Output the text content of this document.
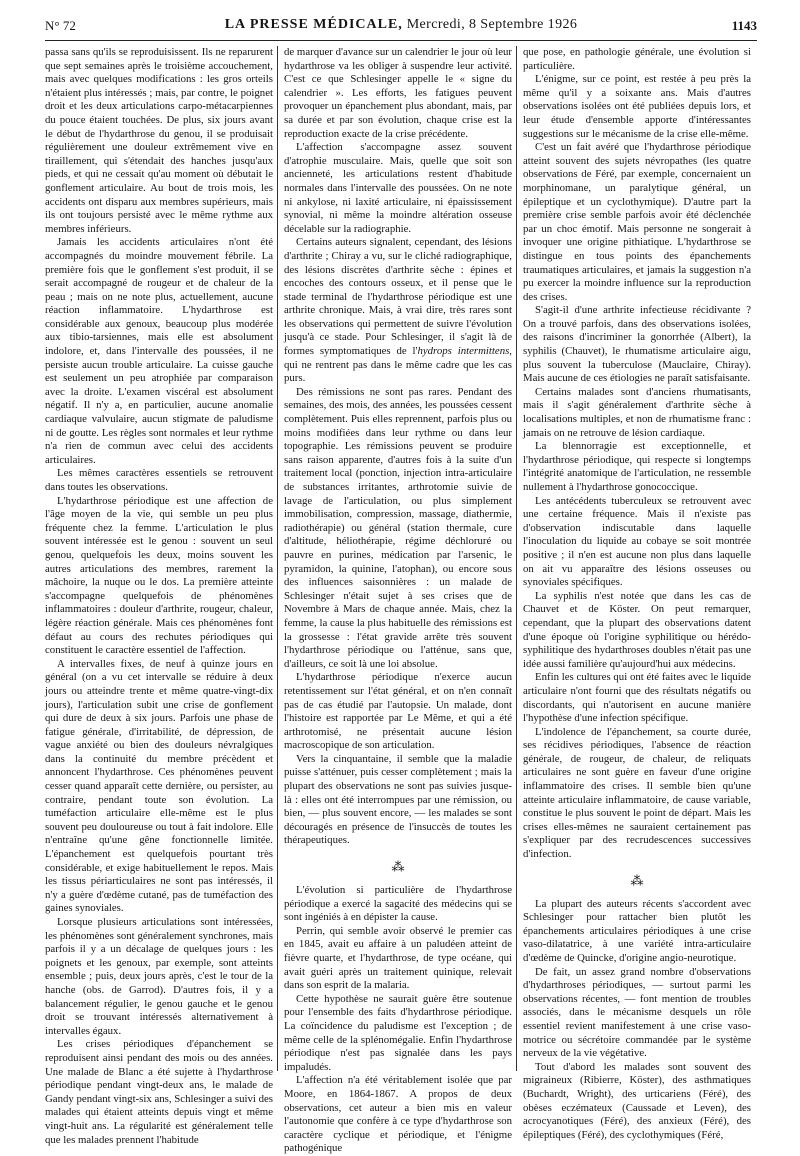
N° 72	LA PRESSE MÉDICALE, Mercredi, 8 Septembre 1926	1143

passa sans qu'ils se reproduisissent. Ils ne reparurent que sept semaines après le troisième accouchement, mais avec quelques modifications : les gros orteils n'étaient plus intéressés ; mais, par contre, le poignet droit et les deux articulations carpo-métacarpiennes du pouce étaient touchées. De plus, six jours avant le début de l'hydarthrose du genou, il se produisait régulièrement une douleur extrêmement vive en tiraillement, qui s'étendait des hanches jusqu'aux pieds, et qui ne cessait qu'au moment où débutait le gonflement articulaire. Au bout de trois mois, les accidents ont disparu aux membres supérieurs, mais ils ont toujours persisté avec le même rythme aux membres inférieurs.

Jamais les accidents articulaires n'ont été accompagnés du moindre mouvement fébrile. La première fois que le gonflement s'est produit, il se serait accompagné de rougeur et de chaleur de la peau ; mais on ne note plus, actuellement, aucune réaction inflammatoire. L'hydarthrose est considérable aux genoux, beaucoup plus modérée aux tibio-tarsiennes, mais elle est absolument indolore, et, dans l'intervalle des poussées, il ne persiste aucun trouble articulaire. La cuisse gauche est seulement un peu atrophiée par comparaison avec la droite. L'examen viscéral est absolument négatif. Il n'y a, en particulier, aucune anomalie cardiaque valvulaire, aucun stigmate de paludisme ni de goutte. Les règles sont normales et leur rythme n'a rien de commun avec celui des accidents articulaires.

Les mêmes caractères essentiels se retrouvent dans toutes les observations.

L'hydarthrose périodique est une affection de l'âge moyen de la vie, qui semble un peu plus fréquente chez la femme. L'articulation le plus souvent intéressée est le genou : souvent un seul genou, quelquefois les deux, moins souvent les autres articulations des membres, rarement la mâchoire, la nuque ou le dos. La première atteinte s'accompagne quelquefois de phénomènes inflammatoires : douleur d'arthrite, rougeur, chaleur, légère réaction générale. Mais ces phénomènes font défaut au cours des rechutes périodiques qui constituent le caractère essentiel de l'affection.

A intervalles fixes, de neuf à quinze jours en général (on a vu cet intervalle se réduire à deux jours ou atteindre trente et même quatre-vingt-dix jours), l'articulation subit une crise de gonflement qui dure de deux à six jours. Parfois une phase de fatigue générale, d'irritabilité, de dépression, de vague anxiété ou bien des douleurs névralgiques dans la continuité du membre précèdent et annoncent l'hydarthrose. Ces phénomènes peuvent cesser quand apparaît cette dernière, ou persister, au contraire, pendant toute son évolution. La tuméfaction articulaire elle-même est le plus souvent peu douloureuse ou tout à fait indolore. Elle n'entraîne qu'une gêne fonctionnelle limitée. L'épanchement est quelquefois pourtant très considérable, et exige habituellement le repos. Mais les tissus périarticulaires ne sont pas intéressés, il n'y a guère d'œdème cutané, pas de tuméfaction des gaines synoviales.

Lorsque plusieurs articulations sont intéressées, les phénomènes sont généralement synchrones, mais parfois il y a un décalage de quelques jours : les poignets et les genoux, par exemple, sont atteints ensemble ; puis, deux jours après, c'est le tour de la hanche (obs. de Garrod). D'autres fois, il y a balancement régulier, le genou gauche et le genou droit se trouvant intéressés alternativement à intervalles égaux.

Les crises périodiques d'épanchement se reproduisent ainsi pendant des mois ou des années. Une malade de Blanc a été sujette à l'hydarthrose périodique pendant vingt-deux ans, le malade de Gandy pendant vingt-six ans, Schlesinger a suivi des malades qui étaient atteints depuis vingt et même vingt-huit ans. La régularité est généralement telle que les malades prennent l'habitude

de marquer d'avance sur un calendrier le jour où leur hydarthrose va les obliger à suspendre leur activité. C'est ce que Schlesinger appelle le « signe du calendrier ». Les efforts, les fatigues peuvent provoquer un épanchement plus abondant, mais, par sa durée et par son évolution, chaque crise est la reproduction exacte de la crise précédente.

L'affection s'accompagne assez souvent d'atrophie musculaire. Mais, quelle que soit son ancienneté, les articulations restent d'habitude normales dans l'intervalle des poussées. On ne note ni ankylose, ni laxité articulaire, ni épaississement synovial, ni même la moindre altération osseuse décelable sur la radiographie.

Certains auteurs signalent, cependant, des lésions d'arthrite ; Chiray a vu, sur le cliché radiographique, des lésions discrètes d'arthrite sèche : épines et encoches des contours osseux, et il pense que le stade terminal de l'hydarthrose périodique est une arthrite chronique. Mais, à vrai dire, très rares sont les observations qui permettent de suivre l'évolution jusqu'à ce stade. Pour Schlesinger, il s'agit là de formes symptomatiques de l'hydrops intermittens, qui ne rentrent pas dans le même cadre que les cas purs.

Des rémissions ne sont pas rares. Pendant des semaines, des mois, des années, les poussées cessent complètement. Puis elles reprennent, parfois plus ou moins modifiées dans leur rythme ou dans leur topographie. Les rémissions peuvent se produire sans raison apparente, d'autres fois à la suite d'un traitement local (ponction, injection intra-articulaire de substances irritantes, arthrotomie suivie de lavage de l'articulation, ou plus simplement immobilisation, compression, massage, diathermie, radiothérapie) ou général (station thermale, cure d'altitude, héliothérapie, régime déchloruré ou pauvre en purines, médication par l'arsenic, le pyramidon, la quinine, l'atophan), ou encore sous des influences saisonnières : un malade de Schlesinger n'était sujet à ses crises que de Novembre à Mars de chaque année. Mais, chez la femme, la cause la plus habituelle des rémissions est la grossesse : l'état gravide arrête très souvent l'hydarthrose périodique ou l'atténue, sans que, d'ailleurs, ce soit là une loi absolue.

L'hydarthrose périodique n'exerce aucun retentissement sur l'état général, et on n'en connaît pas de cas étudié par l'autopsie. Un malade, dont l'histoire est rapportée par Le Même, et qui a été arthrotomisé, ne présentait aucune lésion macroscopique de son articulation.

Vers la cinquantaine, il semble que la maladie puisse s'atténuer, puis cesser complètement ; mais la plupart des observations ne sont pas suivies jusque-là : elles ont été interrompues par une rémission, ou bien, — plus souvent encore, — les malades se sont découragés en présence de l'insuccès de toutes les thérapeutiques.

⁂

L'évolution si particulière de l'hydarthrose périodique a exercé la sagacité des médecins qui se sont ingéniés à en dépister la cause.

Perrin, qui semble avoir observé le premier cas en 1845, avait eu affaire à un paludéen atteint de fièvre quarte, et l'hydarthrose, de type océane, qui avait guéri après un traitement quinique, relevait dans son esprit de la malaria.

Cette hypothèse ne saurait guère être soutenue pour l'ensemble des faits d'hydarthrose périodique. La coïncidence du paludisme est l'exception ; de même celle de la splénomégalie. Enfin l'hydarthrose périodique n'est pas signalée dans les pays impaludés.

L'affection n'a été véritablement isolée que par Moore, en 1864-1867. A propos de deux observations, cet auteur a bien mis en valeur l'autonomie que confère à ce type d'hydarthrose son caractère cyclique et périodique, et l'énigme pathogénique

que pose, en pathologie générale, une évolution si particulière.

L'énigme, sur ce point, est restée à peu près la même qu'il y a soixante ans. Mais d'autres observations isolées ont été publiées depuis lors, et leur étude d'ensemble apporte d'intéressantes suggestions sur le mécanisme de la crise elle-même.

C'est un fait avéré que l'hydarthrose périodique atteint souvent des sujets névropathes (les quatre observations de Féré, par exemple, concernaient un morphinomane, un paralytique général, un épileptique et un cyclothymique). D'autre part la première crise semble parfois avoir été déclenchée par un choc émotif. Mais personne ne songerait à invoquer une origine pithiatique. L'hydarthrose se distingue en tous points des épanchements traumatiques articulaires, et jamais la suggestion n'a pu exercer la moindre influence sur la reproduction des crises.

S'agit-il d'une arthrite infectieuse récidivante ? On a trouvé parfois, dans des observations isolées, des raisons d'incriminer la gonorrhée (Albert), la syphilis (Chauvet), le rhumatisme articulaire aigu, plus souvent la tuberculose (Mauclaire, Chiray). Mais aucune de ces étiologies ne paraît satisfaisante.

Certains malades sont d'anciens rhumatisants, mais il s'agit généralement d'arthrite sèche à localisations multiples, et non de rhumatisme franc : jamais on ne retrouve de lésion cardiaque.

La blennorragie est exceptionnelle, et l'hydarthrose périodique, qui respecte si longtemps l'intégrité anatomique de l'articulation, ne ressemble nullement à l'hydarthrose gonococcique.

Les antécédents tuberculeux se retrouvent avec une certaine fréquence. Mais il n'existe pas d'observation indiscutable dans laquelle l'inoculation du liquide au cobaye se soit montrée positive ; il n'en est aucune non plus dans laquelle on ait vu apparaître des lésions osseuses ou synoviales spécifiques.

La syphilis n'est notée que dans les cas de Chauvet et de Köster. On peut remarquer, cependant, que la plupart des observations datent d'une époque où l'origine syphilitique ou hérédo-syphilitique des hydarthroses doubles n'était pas une idée aussi familière qu'aujourd'hui aux médecins.

Enfin les cultures qui ont été faites avec le liquide articulaire n'ont fourni que des résultats négatifs ou discordants, qui n'autorisent en aucune manière l'hypothèse d'une infection spécifique.

L'indolence de l'épanchement, sa courte durée, ses récidives périodiques, l'absence de réaction générale, de rougeur, de chaleur, de reliquats articulaires ne sont guère en faveur d'une origine inflammatoire des crises. Il semble bien qu'une atteinte articulaire inflammatoire, de cause variable, constitue le plus souvent le point de départ. Mais les crises elles-mêmes ne sauraient certainement pas s'expliquer par des recrudescences successives d'infection.

⁂

La plupart des auteurs récents s'accordent avec Schlesinger pour rattacher bien plutôt les épanchements articulaires périodiques à une crise vaso-dilatatrice, à une variété intra-articulaire d'œdème de Quincke, d'origine angio-neurotique.

De fait, un assez grand nombre d'observations d'hydarthroses périodiques, — surtout parmi les observations récentes, — font mention de troubles associés, dans le mécanisme desquels un rôle essentiel revient manifestement à une crise vaso-motrice ou sécrétoire commandée par le système nerveux de la vie végétative.

Tout d'abord les malades sont souvent des migraineux (Ribierre, Köster), des asthmatiques (Buchardt, Wright), des urticariens (Féré), des obèses eczémateux (Caussade et Leven), des acrocyanotiques (Féré), des anxieux (Féré), des épileptiques (Féré), des cyclothymiques (Féré,
